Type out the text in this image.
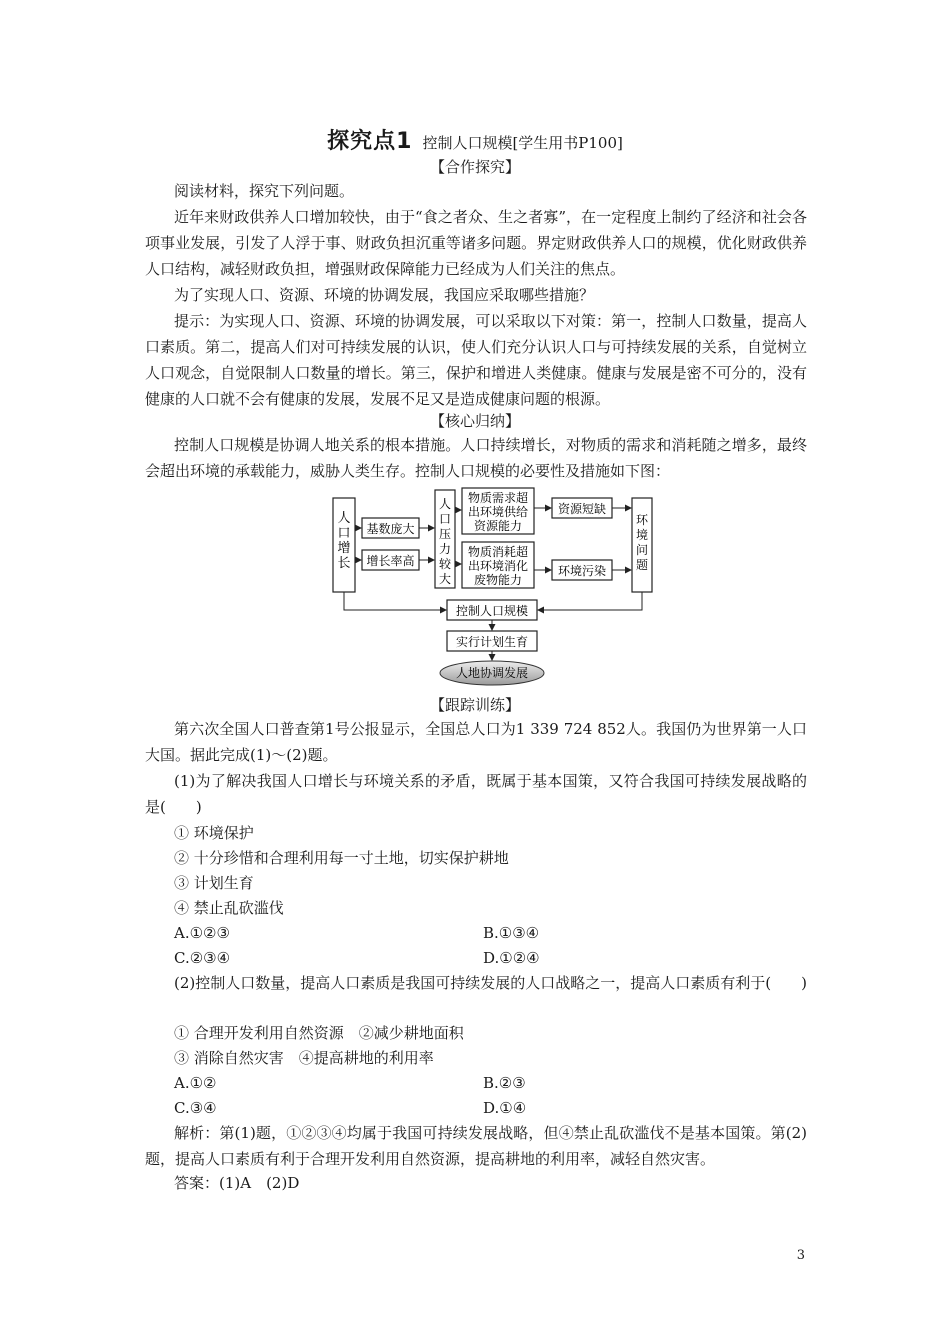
探究点1 控制人口规模[学生用书P100]
【合作探究】

阅读材料，探究下列问题。

近年来财政供养人口增加较快，由于“食之者众、生之者寡”，在一定程度上制约了经济和社会各项事业发展，引发了人浮于事、财政负担沉重等诸多问题。界定财政供养人口的规模，优化财政供养人口结构，减轻财政负担，增强财政保障能力已经成为人们关注的焦点。

为了实现人口、资源、环境的协调发展，我国应采取哪些措施？

提示：为实现人口、资源、环境的协调发展，可以采取以下对策：第一，控制人口数量，提高人口素质。第二，提高人们对可持续发展的认识，使人们充分认识人口与可持续发展的关系，自觉树立人口观念，自觉限制人口数量的增长。第三，保护和增进人类健康。健康与发展是密不可分的，没有健康的人口就不会有健康的发展，发展不足又是造成健康问题的根源。

【核心归纳】

控制人口规模是协调人地关系的根本措施。人口持续增长，对物质的需求和消耗随之增多，最终会超出环境的承载能力，威胁人类生存。控制人口规模的必要性及措施如下图：

人
口
增
长
基数庞大
增长率高
人
口
压
力
较
大
物质需求超
出环境供给
资源能力
物质消耗超
出环境消化
废物能力
资源短缺
环境污染
环
境
问
题
控制人口规模
实行计划生育
人地协调发展
【跟踪训练】

第六次全国人口普查第1号公报显示，全国总人口为1 339 724 852人。我国仍为世界第一人口大国。据此完成(1)～(2)题。

(1)为了解决我国人口增长与环境关系的矛盾，既属于基本国策，又符合我国可持续发展战略的是(　　)

① 环境保护
② 十分珍惜和合理利用每一寸土地，切实保护耕地
③ 计划生育
④ 禁止乱砍滥伐
A.①②③	B.①③④
C.②③④	D.①②④

(2)控制人口数量，提高人口素质是我国可持续发展的人口战略之一，提高人口素质有利于(　　)

① 合理开发利用自然资源　②减少耕地面积
③ 消除自然灾害　④提高耕地的利用率
A.①②	B.②③
C.③④	D.①④

解析：第(1)题，①②③④均属于我国可持续发展战略，但④禁止乱砍滥伐不是基本国策。第(2)题，提高人口素质有利于合理开发利用自然资源，提高耕地的利用率，减轻自然灾害。

答案：(1)A　(2)D
3
